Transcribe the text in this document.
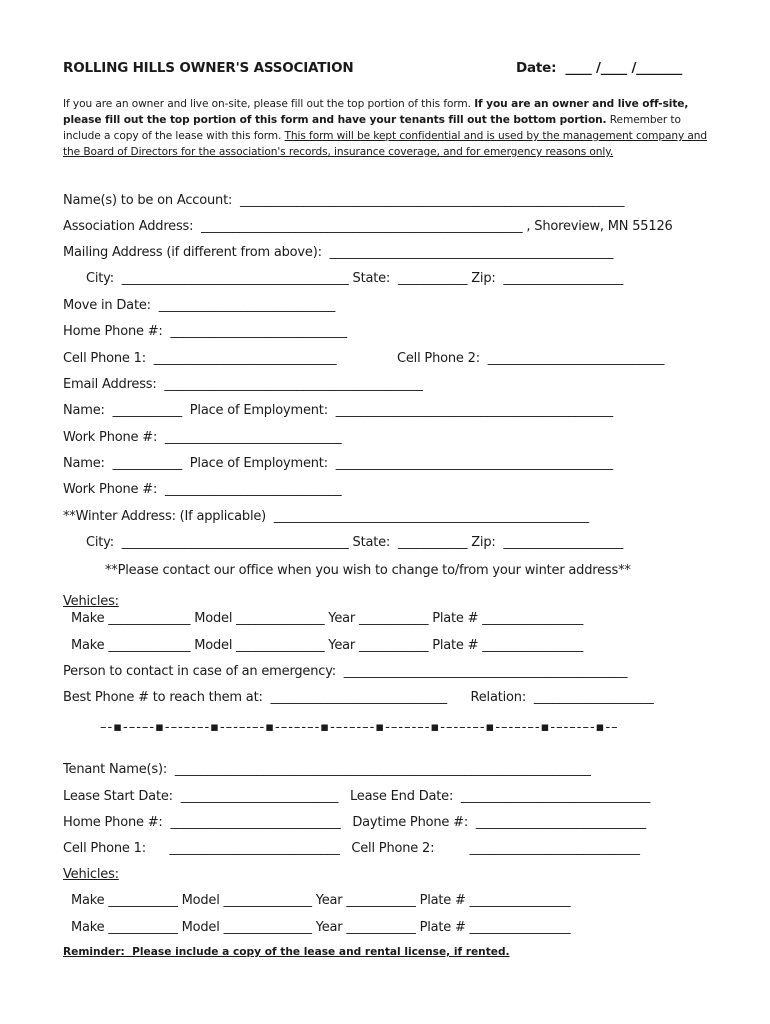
ROLLING HILLS OWNER'S ASSOCIATION	Date:  ____ /____ /_______
If you are an owner and live on-site, please fill out the top portion of this form. If you are an owner and live off-site, please fill out the top portion of this form and have your tenants fill out the bottom portion. Remember to include a copy of the lease with this form. This form will be kept confidential and is used by the management company and the Board of Directors for the association's records, insurance coverage, and for emergency reasons only.
Name(s) to be on Account:  _____________________________________________________________
Association Address:  ___________________________________________________ , Shoreview, MN 55126
Mailing Address (if different from above):  _____________________________________________
City:  ____________________________________ State:  ___________ Zip:  ___________________
Move in Date:  ____________________________
Home Phone #:  ____________________________
Cell Phone 1:  _____________________________	Cell Phone 2:  ____________________________
Email Address:  _________________________________________
Name:  ___________  Place of Employment:  ____________________________________________
Work Phone #:  ____________________________
Name:  ___________  Place of Employment:  ____________________________________________
Work Phone #:  ____________________________
**Winter Address: (If applicable)  __________________________________________________
City:  ____________________________________ State:  ___________ Zip:  ___________________
**Please contact our office when you wish to change to/from your winter address**
Vehicles:
Make _____________ Model ______________ Year ___________ Plate # ________________
Make _____________ Model ______________ Year ___________ Plate # ________________
Person to contact in case of an emergency:  _____________________________________________
Best Phone # to reach them at:  ____________________________      Relation:  ___________________
–-▪-–-–-▪-–-–-–-▪-–-–-–-▪-–-–-–-▪-–-–-–-▪-–-–-–-▪-–-–-–-▪-–-–-–-▪-–-–-–-▪-–
Tenant Name(s):  __________________________________________________________________
Lease Start Date:  _________________________   Lease End Date:  ______________________________
Home Phone #:  ___________________________   Daytime Phone #:  ___________________________
Cell Phone 1:      ___________________________   Cell Phone 2:         ___________________________
Vehicles:
Make ___________ Model ______________ Year ___________ Plate # ________________
Make ___________ Model ______________ Year ___________ Plate # ________________
Reminder:  Please include a copy of the lease and rental license, if rented.
